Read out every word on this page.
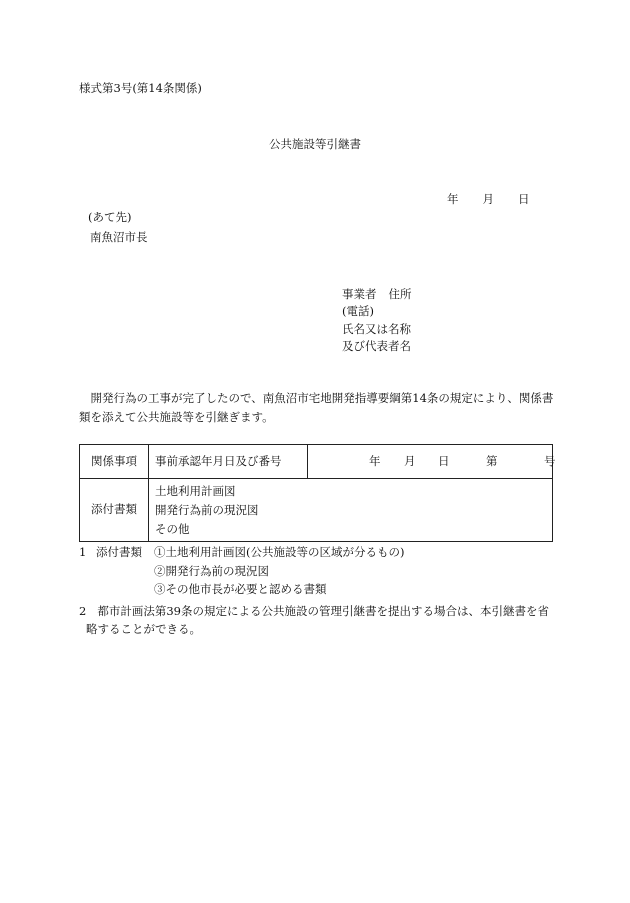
様式第3号(第14条関係)
公共施設等引継書
年 月 日
(あて先)
南魚沼市長
事業者 住所
(電話)
氏名又は名称
及び代表者名

開発行為の工事が完了したので、南魚沼市宅地開発指導要綱第14条の規定により、関係書類を添えて公共施設等を引継ぎます。

関係事項	事前承認年月日及び番号	年 月 日 第 号

添付書類	土地利用計画図
開発行為前の現況図
その他	
1 添付書類 ①土地利用計画図(公共施設等の区域が分るもの)
②開発行為前の現況図
③その他市長が必要と認める書類
2 都市計画法第39条の規定による公共施設の管理引継書を提出する場合は、本引継書を省
略することができる。
